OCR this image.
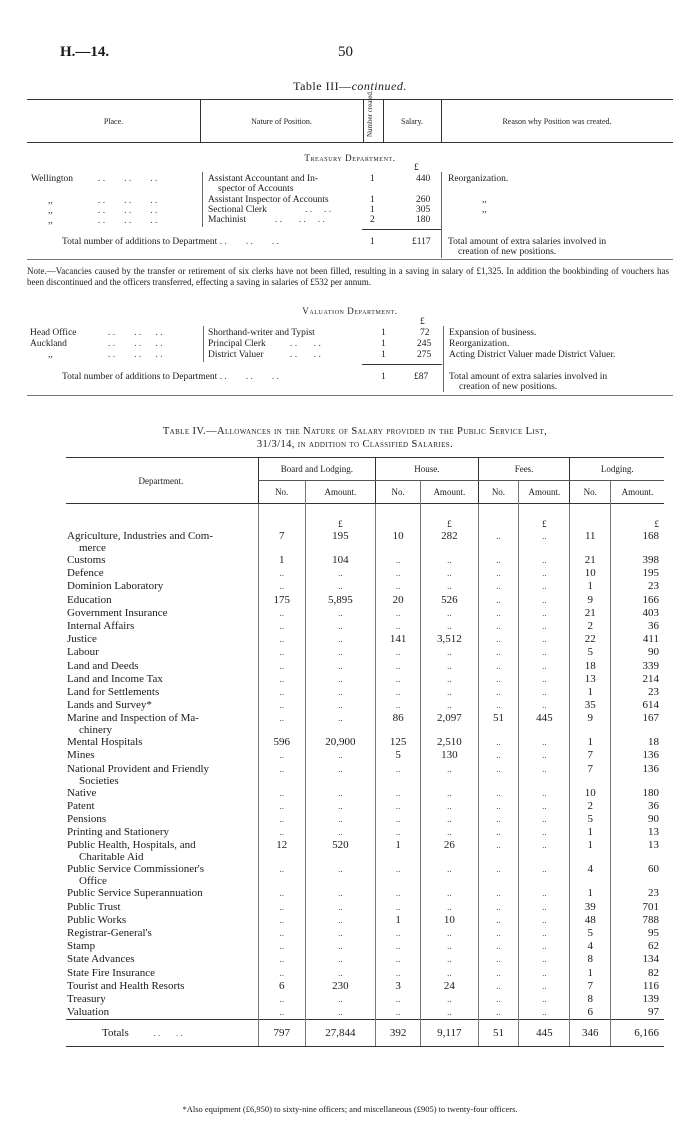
H.—14.	50
Table III—continued.
Place.	Nature of Position.	Number created.	Salary.	Reason why Position was created.
Treasury Department.
£
Wellington	. .        . .        . .	Assistant Accountant and In-
spector of Accounts
1	440 Reorganization.
,,	. .        . .        . .	Assistant Inspector of Accounts	1	260	,,
,,	. .        . .        . .	Sectional Clerk	. .     . .	1	305	,,
,,	. .        . .        . .	Machinist	. .       . .     . .	2	180
Total number of additions to Department . .        . .        . .	1	£117 Total amount of extra salaries involved in
creation of new positions.
Note.—Vacancies caused by the transfer or retirement of six clerks have not been filled, resulting in a saving in salary of £1,325. In addition the bookbinding of vouchers has been discontinued and the officers transferred, effecting a saving in salaries of £532 per annum.
Valuation Department.
£
Head Office	. .        . .      . .	Shorthand-writer and Typist	1	72 Expansion of business.
Auckland	. .        . .      . .	Principal Clerk	. .       . .	1	245 Reorganization.
,,	. .        . .      . .	District Valuer	. .       . .	1	275 Acting District Valuer made District Valuer.
Total number of additions to Department . .        . .        . .	1	£87 Total amount of extra salaries involved in
creation of new positions.
Table IV.—Allowances in the Nature of Salary provided in the Public Service List,
31/3/14, in addition to Classified Salaries.
Department.	Board and Lodging.		House.		Fees.		Lodging.	
	No.	Amount.	No.	Amount.	No.	Amount.	No.	Amount.
		£		£		£		£

Agriculture, Industries and Com-
merce	7	195	10	282	..	..	11	168

Customs	1	104	..	..	..	..	21	398

Defence	..	..	..	..	..	..	10	195

Dominion Laboratory	..	..	..	..	..	..	1	23

Education	175	5,895	20	526	..	..	9	166

Government Insurance	..	..	..	..	..	..	21	403

Internal Affairs	..	..	..	..	..	..	2	36

Justice	..	..	141	3,512	..	..	22	411

Labour	..	..	..	..	..	..	5	90

Land and Deeds	..	..	..	..	..	..	18	339

Land and Income Tax	..	..	..	..	..	..	13	214

Land for Settlements	..	..	..	..	..	..	1	23

Lands and Survey*	..	..	..	..	..	..	35	614

Marine and Inspection of Ma-
chinery	..	..	86	2,097	51	445	9	167

Mental Hospitals	596	20,900	125	2,510	..	..	1	18

Mines	..	..	5	130	..	..	7	136

National Provident and Friendly
Societies	..	..	..	..	..	..	7	136

Native	..	..	..	..	..	..	10	180

Patent	..	..	..	..	..	..	2	36

Pensions	..	..	..	..	..	..	5	90

Printing and Stationery	..	..	..	..	..	..	1	13

Public Health, Hospitals, and
Charitable Aid	12	520	1	26	..	..	1	13

Public Service Commissioner's
Office	..	..	..	..	..	..	4	60

Public Service Superannuation	..	..	..	..	..	..	1	23

Public Trust	..	..	..	..	..	..	39	701

Public Works	..	..	1	10	..	..	48	788

Registrar-General's	..	..	..	..	..	..	5	95

Stamp	..	..	..	..	..	..	4	62

State Advances	..	..	..	..	..	..	8	134

State Fire Insurance	..	..	..	..	..	..	1	82

Tourist and Health Resorts	6	230	3	24	..	..	7	116

Treasury	..	..	..	..	..	..	8	139

Valuation	..	..	..	..	..	..	6	97
Totals           . .       . .	797	27,844	392	9,117	51	445	346	6,166
*Also equipment (£6,950) to sixty-nine officers; and miscellaneous (£905) to twenty-four officers.
